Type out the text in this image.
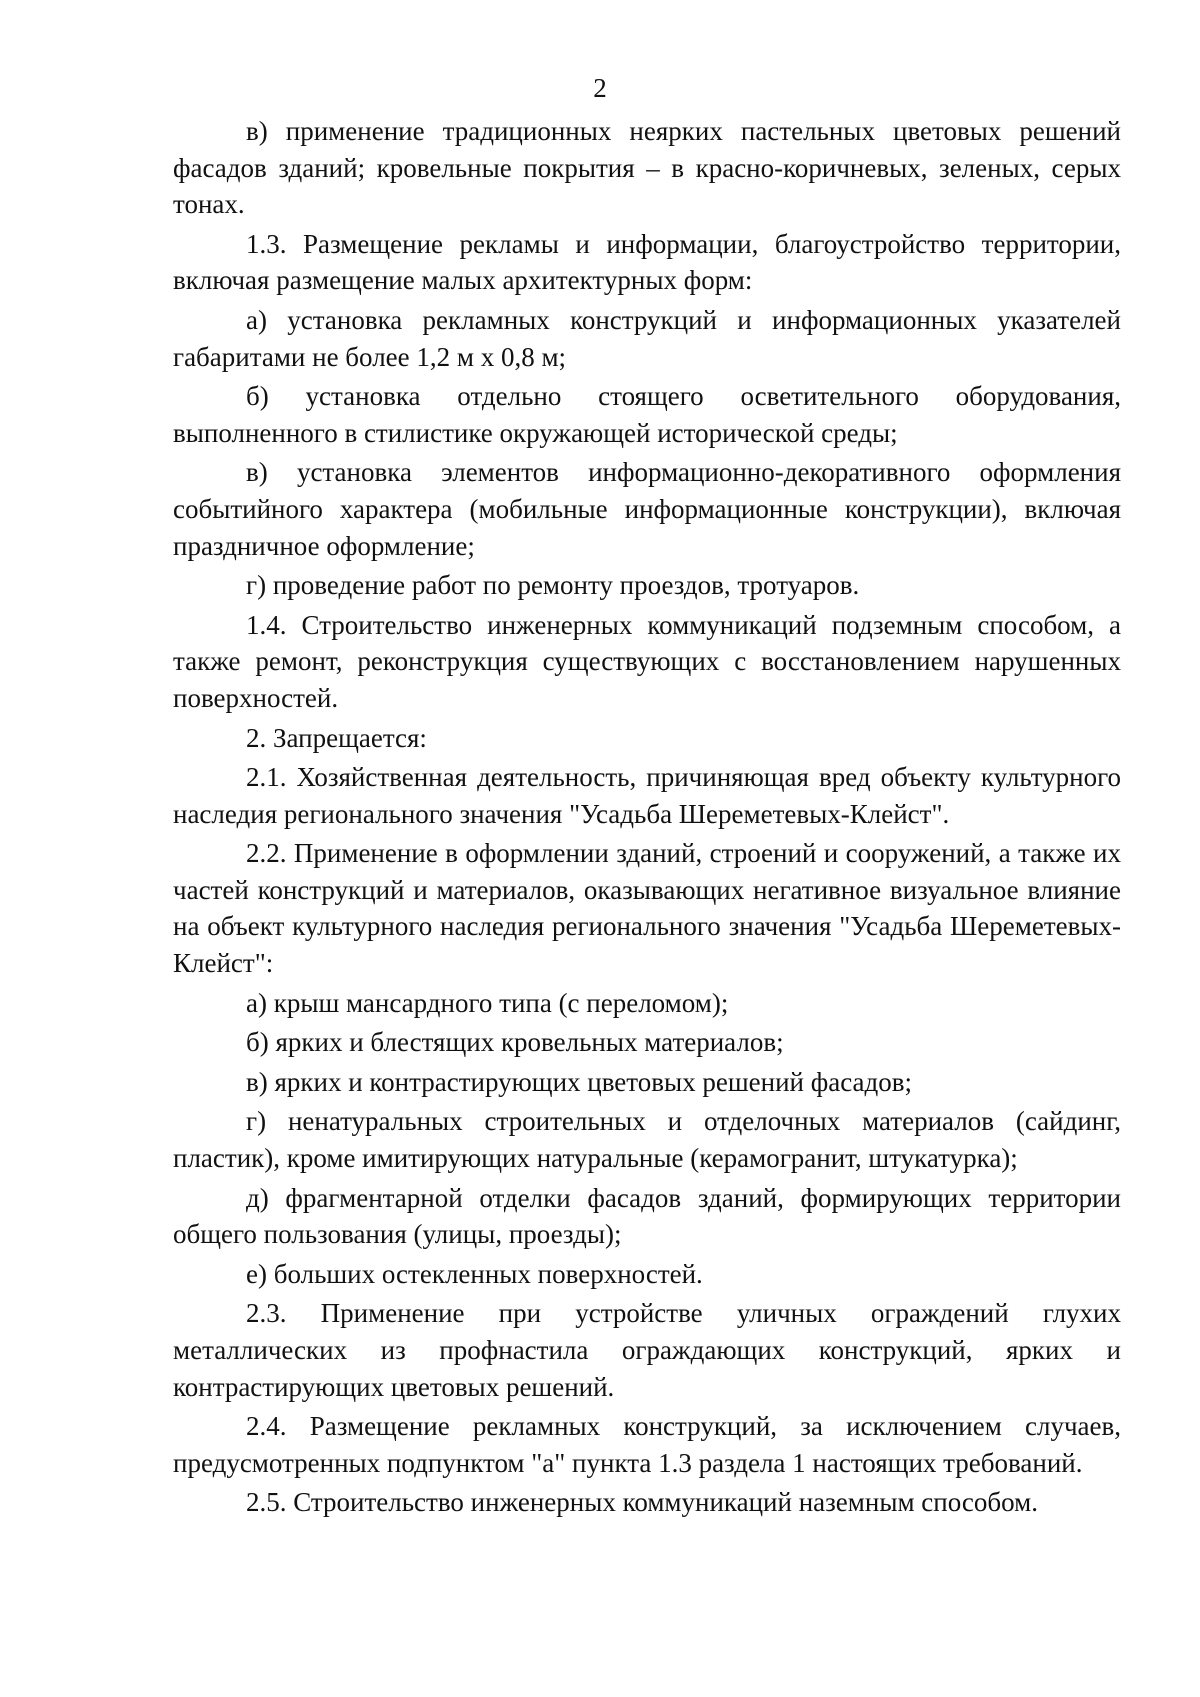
2

в) применение традиционных неярких пастельных цветовых решений фасадов зданий; кровельные покрытия – в красно-коричневых, зеленых, серых тонах.

1.3. Размещение рекламы и информации, благоустройство территории, включая размещение малых архитектурных форм:

а) установка рекламных конструкций и информационных указателей габаритами не более 1,2 м х 0,8 м;

б) установка отдельно стоящего осветительного оборудования, выполненного в стилистике окружающей исторической среды;

в) установка элементов информационно-декоративного оформления событийного характера (мобильные информационные конструкции), включая праздничное оформление;

г) проведение работ по ремонту проездов, тротуаров.

1.4. Строительство инженерных коммуникаций подземным способом, а также ремонт, реконструкция существующих с восстановлением нарушенных поверхностей.

2. Запрещается:

2.1. Хозяйственная деятельность, причиняющая вред объекту культурного наследия регионального значения "Усадьба Шереметевых-Клейст".

2.2. Применение в оформлении зданий, строений и сооружений, а также их частей конструкций и материалов, оказывающих негативное визуальное влияние на объект культурного наследия регионального значения "Усадьба Шереметевых-Клейст":

а) крыш мансардного типа (с переломом);

б) ярких и блестящих кровельных материалов;

в) ярких и контрастирующих цветовых решений фасадов;

г) ненатуральных строительных и отделочных материалов (сайдинг, пластик), кроме имитирующих натуральные (керамогранит, штукатурка);

д) фрагментарной отделки фасадов зданий, формирующих территории общего пользования (улицы, проезды);

е) больших остекленных поверхностей.

2.3. Применение при устройстве уличных ограждений глухих металлических из профнастила ограждающих конструкций, ярких и контрастирующих цветовых решений.

2.4. Размещение рекламных конструкций, за исключением случаев, предусмотренных подпунктом "а" пункта 1.3 раздела 1 настоящих требований.

2.5. Строительство инженерных коммуникаций наземным способом.
